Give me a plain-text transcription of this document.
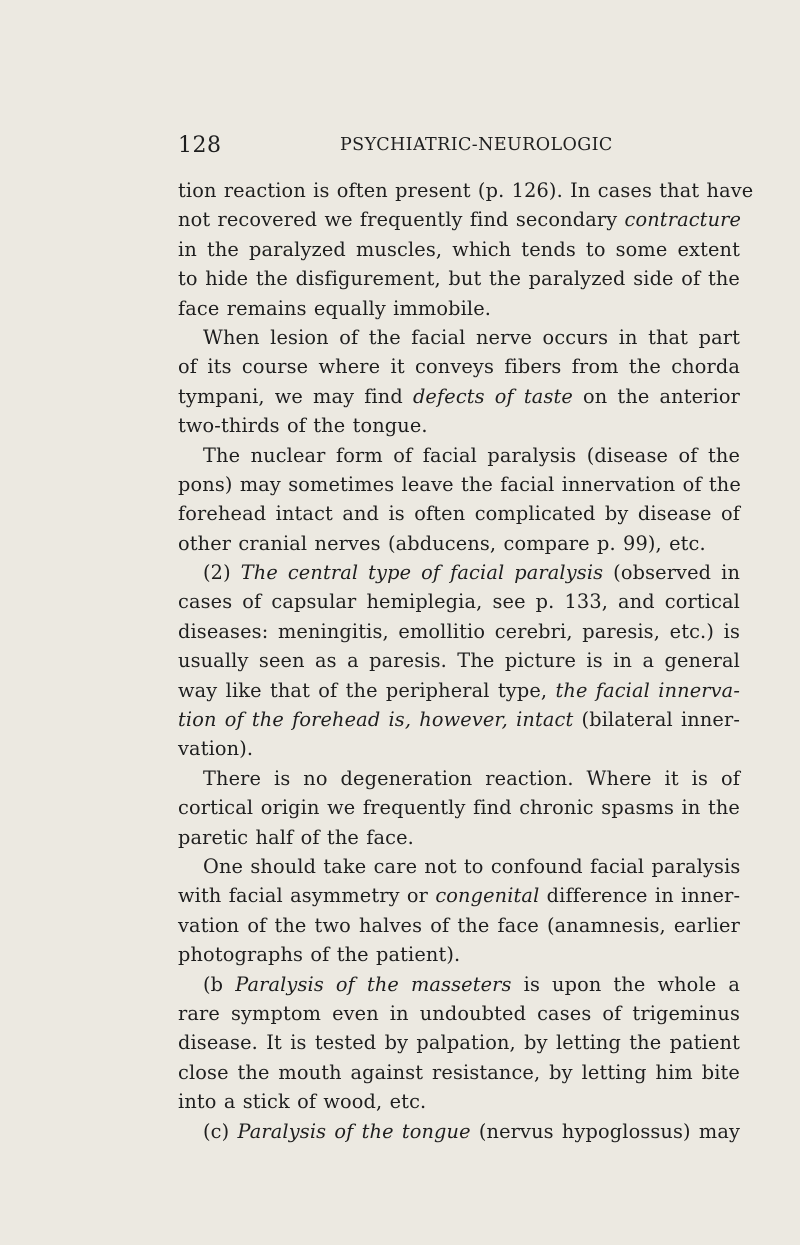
128	PSYCHIATRIC-NEUROLOGIC
tion reaction is often present (p. 126). In cases that have
not recovered we frequently find secondary contracture
in the paralyzed muscles, which tends to some extent
to hide the disfigurement, but the paralyzed side of the
face remains equally immobile.
When lesion of the facial nerve occurs in that part
of its course where it conveys fibers from the chorda
tympani, we may find defects of taste on the anterior
two-thirds of the tongue.
The nuclear form of facial paralysis (disease of the
pons) may sometimes leave the facial innervation of the
forehead intact and is often complicated by disease of
other cranial nerves (abducens, compare p. 99), etc.
(2) The central type of facial paralysis (observed in
cases of capsular hemiplegia, see p. 133, and cortical
diseases: meningitis, emollitio cerebri, paresis, etc.) is
usually seen as a paresis. The picture is in a general
way like that of the peripheral type, the facial innerva-
tion of the forehead is, however, intact (bilateral inner-
vation).
There is no degeneration reaction. Where it is of
cortical origin we frequently find chronic spasms in the
paretic half of the face.
One should take care not to confound facial paralysis
with facial asymmetry or congenital difference in inner-
vation of the two halves of the face (anamnesis, earlier
photographs of the patient).
(b Paralysis of the masseters is upon the whole a
rare symptom even in undoubted cases of trigeminus
disease. It is tested by palpation, by letting the patient
close the mouth against resistance, by letting him bite
into a stick of wood, etc.
(c) Paralysis of the tongue (nervus hypoglossus) may
